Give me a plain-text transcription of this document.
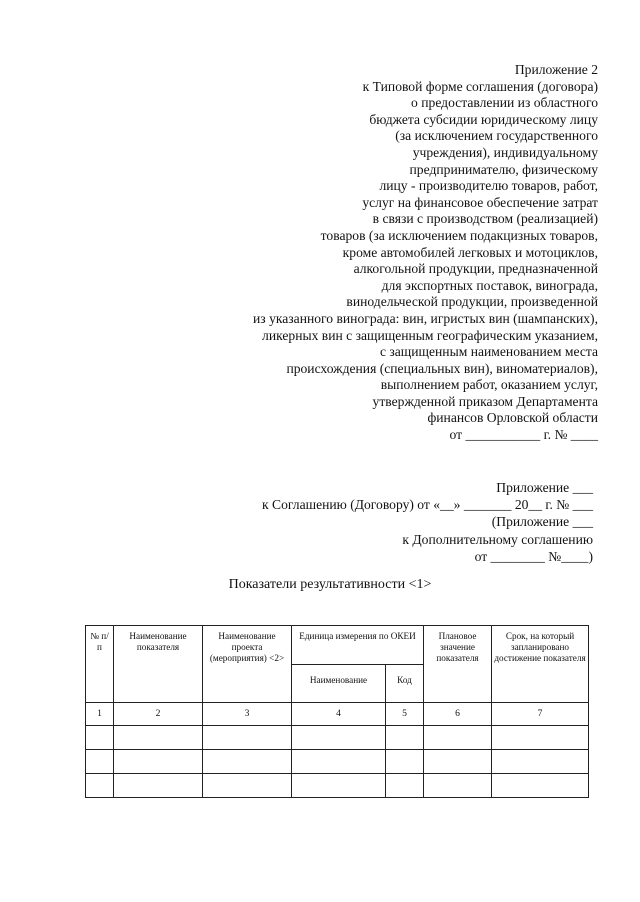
Приложение 2
к Типовой форме соглашения (договора)
о предоставлении из областного
бюджета субсидии юридическому лицу
(за исключением государственного
учреждения), индивидуальному
предпринимателю, физическому
лицу - производителю товаров, работ,
услуг на финансовое обеспечение затрат
в связи с производством (реализацией)
товаров (за исключением подакцизных товаров,
кроме автомобилей легковых и мотоциклов,
алкогольной продукции, предназначенной
для экспортных поставок, винограда,
винодельческой продукции, произведенной
из указанного винограда: вин, игристых вин (шампанских),
ликерных вин с защищенным географическим указанием,
с защищенным наименованием места
происхождения (специальных вин), виноматериалов),
выполнением работ, оказанием услуг,
утвержденной приказом Департамента
финансов Орловской области
от ___________ г. № ____
Приложение ___
к Соглашению (Договору) от «__» _______ 20__ г. № ___
(Приложение ___
к Дополнительному соглашению
от ________ №____)
Показатели результативности <1>
№ п/п	Наименование показателя	Наименование проекта (мероприятия) <2>	Единица измерения по ОКЕИ		Плановое значение показателя	Срок, на который запланировано достижение показателя
			Наименование	Код		
1	2	3	4	5	6	7
